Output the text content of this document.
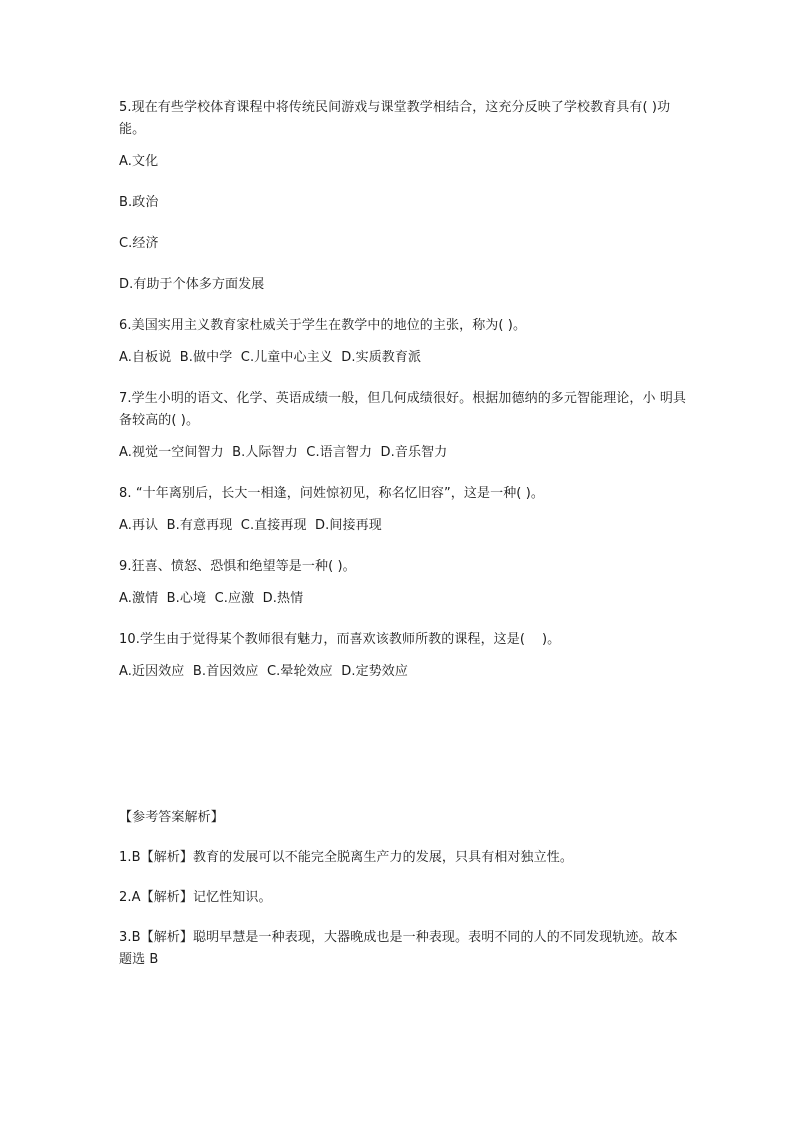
5.现在有些学校体育课程中将传统民间游戏与课堂教学相结合，这充分反映了学校教育具有( )功能。

A.文化

B.政治

C.经济

D.有助于个体多方面发展

6.美国实用主义教育家杜威关于学生在教学中的地位的主张，称为( )。

A.自板说  B.做中学  C.儿童中心主义  D.实质教育派

7.学生小明的语文、化学、英语成绩一般，但几何成绩很好。根据加德纳的多元智能理论，小 明具备较高的( )。

A.视觉一空间智力  B.人际智力  C.语言智力  D.音乐智力

8. “十年离别后，长大一相逢，问姓惊初见，称名忆旧容”，这是一种( )。

A.再认  B.有意再现  C.直接再现  D.间接再现

9.狂喜、愤怒、恐惧和绝望等是一种( )。

A.激情  B.心境  C.应激  D.热情

10.学生由于觉得某个教师很有魅力，而喜欢该教师所教的课程，这是(    )。

A.近因效应  B.首因效应  C.晕轮效应  D.定势效应

【参考答案解析】

1.B【解析】教育的发展可以不能完全脱离生产力的发展，只具有相对独立性。

2.A【解析】记忆性知识。

3.B【解析】聪明早慧是一种表现，大器晚成也是一种表现。表明不同的人的不同发现轨迹。故本题选 B
